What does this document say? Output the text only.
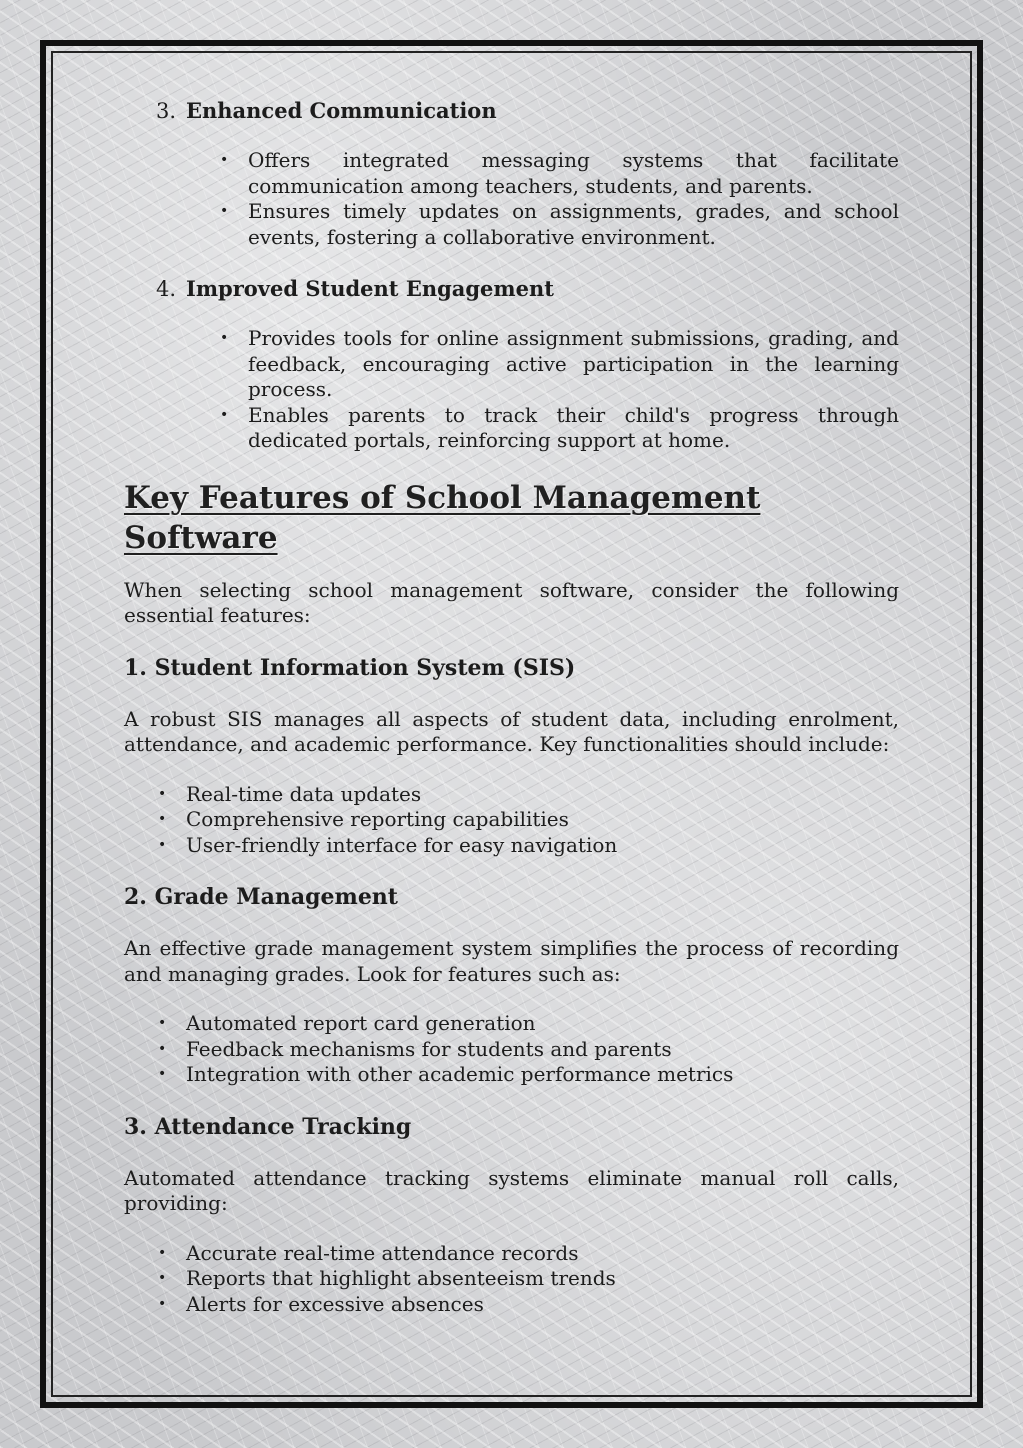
3. Enhanced Communication
• Offers integrated messaging systems that facilitate communication among teachers, students, and parents.
• Ensures timely updates on assignments, grades, and school events, fostering a collaborative environment.
4. Improved Student Engagement
• Provides tools for online assignment submissions, grading, and feedback, encouraging active participation in the learning process.
• Enables parents to track their child's progress through dedicated portals, reinforcing support at home.
Key Features of School Management Software

When selecting school management software, consider the following essential features:

1. Student Information System (SIS)

A robust SIS manages all aspects of student data, including enrolment, attendance, and academic performance. Key functionalities should include:

• Real-time data updates
• Comprehensive reporting capabilities
• User-friendly interface for easy navigation
2. Grade Management

An effective grade management system simplifies the process of recording and managing grades. Look for features such as:

• Automated report card generation
• Feedback mechanisms for students and parents
• Integration with other academic performance metrics
3. Attendance Tracking

Automated attendance tracking systems eliminate manual roll calls, providing:

• Accurate real-time attendance records
• Reports that highlight absenteeism trends
• Alerts for excessive absences
